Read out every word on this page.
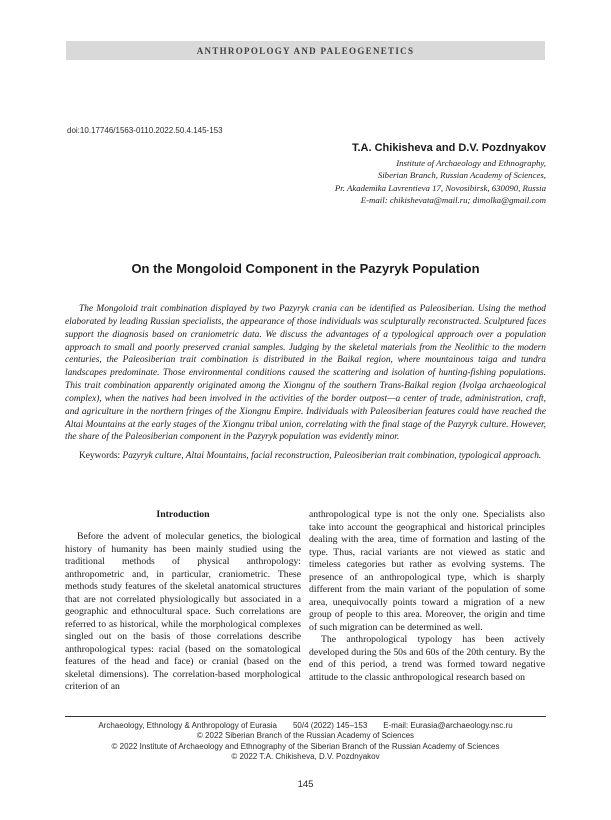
ANTHROPOLOGY AND PALEOGENETICS
doi:10.17746/1563-0110.2022.50.4.145-153
T.A. Chikisheva and D.V. Pozdnyakov
Institute of Archaeology and Ethnography,
Siberian Branch, Russian Academy of Sciences,
Pr. Akademika Lavrentieva 17, Novosibirsk, 630090, Russia
E-mail: chikishevata@mail.ru; dimolka@gmail.com
On the Mongoloid Component in the Pazyryk Population

The Mongoloid trait combination displayed by two Pazyryk crania can be identified as Paleosiberian. Using the method elaborated by leading Russian specialists, the appearance of those individuals was sculpturally reconstructed. Sculptured faces support the diagnosis based on craniometric data. We discuss the advantages of a typological approach over a population approach to small and poorly preserved cranial samples. Judging by the skeletal materials from the Neolithic to the modern centuries, the Paleosiberian trait combination is distributed in the Baikal region, where mountainous taiga and tundra landscapes predominate. Those environmental conditions caused the scattering and isolation of hunting-fishing populations. This trait combination apparently originated among the Xiongnu of the southern Trans-Baikal region (Ivolga archaeological complex), when the natives had been involved in the activities of the border outpost—a center of trade, administration, craft, and agriculture in the northern fringes of the Xiongnu Empire. Individuals with Paleosiberian features could have reached the Altai Mountains at the early stages of the Xiongnu tribal union, correlating with the final stage of the Pazyryk culture. However, the share of the Paleosiberian component in the Pazyryk population was evidently minor.

Keywords: Pazyryk culture, Altai Mountains, facial reconstruction, Paleosiberian trait combination, typological approach.

Introduction

Before the advent of molecular genetics, the biological history of humanity has been mainly studied using the traditional methods of physical anthropology: anthropometric and, in particular, craniometric. These methods study features of the skeletal anatomical structures that are not correlated physiologically but associated in a geographic and ethnocultural space. Such correlations are referred to as historical, while the morphological complexes singled out on the basis of those correlations describe anthropological types: racial (based on the somatological features of the head and face) or cranial (based on the skeletal dimensions). The correlation-based morphological criterion of an

anthropological type is not the only one. Specialists also take into account the geographical and historical principles dealing with the area, time of formation and lasting of the type. Thus, racial variants are not viewed as static and timeless categories but rather as evolving systems. The presence of an anthropological type, which is sharply different from the main variant of the population of some area, unequivocally points toward a migration of a new group of people to this area. Moreover, the origin and time of such migration can be determined as well.

The anthropological typology has been actively developed during the 50s and 60s of the 20th century. By the end of this period, a trend was formed toward negative attitude to the classic anthropological research based on

Archaeology, Ethnology & Anthropology of Eurasia 50/4 (2022) 145–153 E-mail: Eurasia@archaeology.nsc.ru
© 2022 Siberian Branch of the Russian Academy of Sciences
© 2022 Institute of Archaeology and Ethnography of the Siberian Branch of the Russian Academy of Sciences
© 2022 T.A. Chikisheva, D.V. Pozdnyakov
145
